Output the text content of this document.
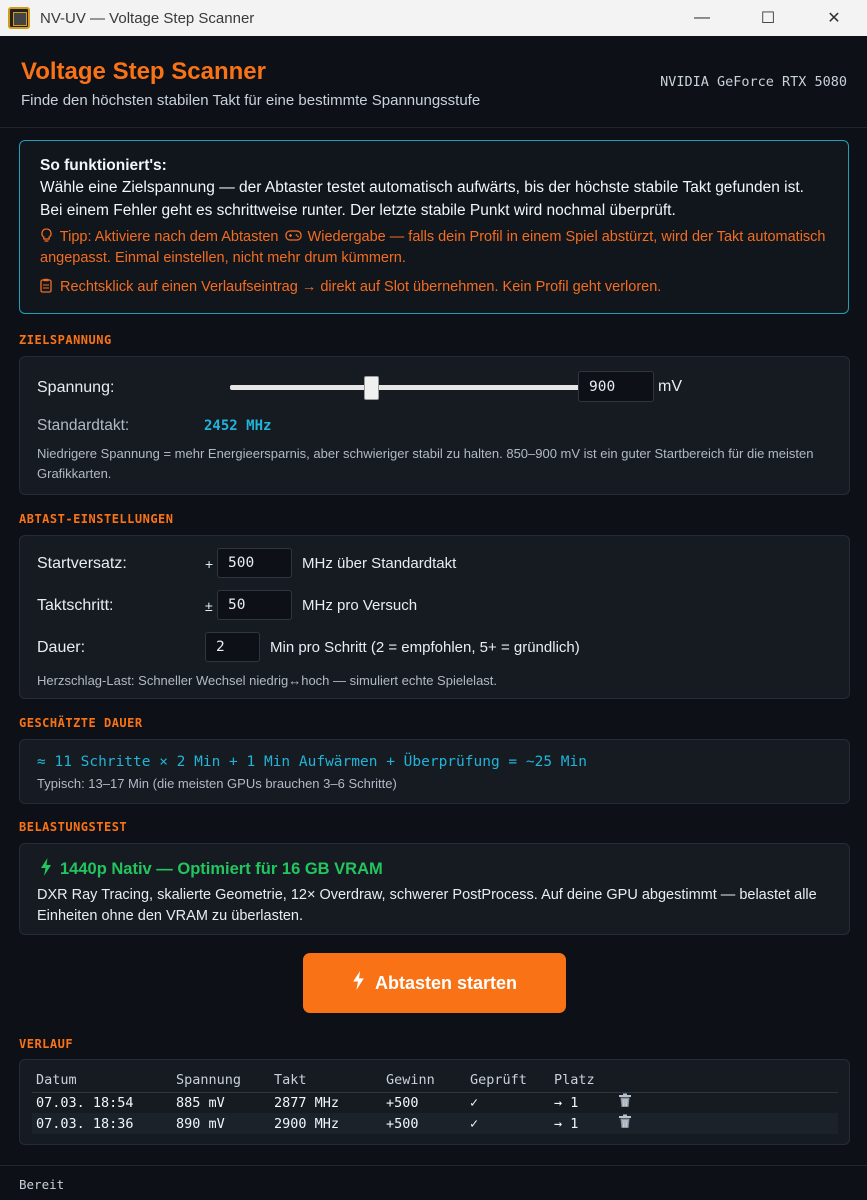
NV-UV — Voltage Step Scanner	—	☐	✕
Voltage Step Scanner
Finde den höchsten stabilen Takt für eine bestimmte Spannungsstufe
NVIDIA GeForce RTX 5080
So funktioniert's:
Wähle eine Zielspannung — der Abtaster testet automatisch aufwärts, bis der höchste stabile Takt gefunden ist. Bei einem Fehler geht es schrittweise runter. Der letzte stabile Punkt wird nochmal überprüft.
Tipp: Aktiviere nach dem Abtasten Wiedergabe — falls dein Profil in einem Spiel abstürzt, wird der Takt automatisch angepasst. Einmal einstellen, nicht mehr drum kümmern.
Rechtsklick auf einen Verlaufseintrag → direkt auf Slot übernehmen. Kein Profil geht verloren.
ZIELSPANNUNG
Spannung:	900	mV
Standardtakt:	2452 MHz
Niedrigere Spannung = mehr Energieersparnis, aber schwieriger stabil zu halten. 850–900 mV ist ein guter Startbereich für die meisten Grafikkarten.
ABTAST-EINSTELLUNGEN
Startversatz:	+	500	MHz über Standardtakt
Taktschritt:	±	50	MHz pro Versuch
Dauer:	2	Min pro Schritt (2 = empfohlen, 5+ = gründlich)
Herzschlag-Last: Schneller Wechsel niedrig↔hoch — simuliert echte Spielelast.
GESCHÄTZTE DAUER
≈ 11 Schritte × 2 Min + 1 Min Aufwärmen + Überprüfung = ~25 Min
Typisch: 13–17 Min (die meisten GPUs brauchen 3–6 Schritte)
BELASTUNGSTEST
1440p Nativ — Optimiert für 16 GB VRAM
DXR Ray Tracing, skalierte Geometrie, 12× Overdraw, schwerer PostProcess. Auf deine GPU abgestimmt — belastet alle Einheiten ohne den VRAM zu überlasten.
Abtasten starten
VERLAUF
Datum	Spannung	Takt	Gewinn	Geprüft	Platz	
07.03. 18:54	885 mV	2877 MHz	+500	✓	→ 1	
07.03. 18:36	890 mV	2900 MHz	+500	✓	→ 1	
Bereit
